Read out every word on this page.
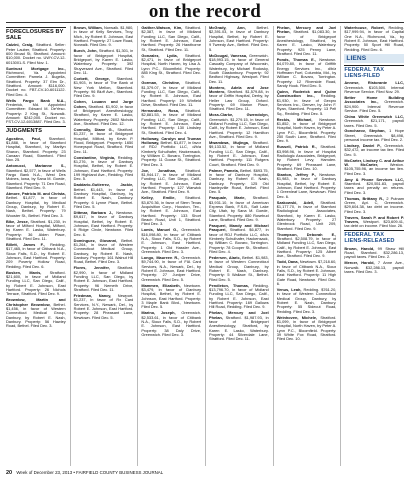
on the record
FORECLOSURES BY SALE
Calzini, Craig, Stratford. Seller: Peter Lauber, Stratford. Property: 600 Broad St, Stratford. Amount: $10,000. Docket no. UWY-CV-12-6013001-S. Filed Nov. 1.
Suntrust Mortgage Inc., Richmond, Va. Appointed Committee: Pamela J. Bugella, Stratford. Property: 37 Elm Dr., Stratford. Amount: $116,000. Docket no. FBT-CV-10-6011122. Filed Dec. 4.
Wells Fargo Bank N.A., Frederick, Md. Appointed Committee: Edward M. DeYeso. Property: 2 King St., Norwalk. Amount: $242,000. Docket no. FST-CV-12-6013887. Filed Dec. 3.
JUDGMENTS
Agostino, Paul, Stamford. $1,888, in favor of Stamford Hospital, Stamford, by Marilyn Sharon, Stamford. Property: 23 Canaan Road, Stamford. Filed Nov. 25.
Antonucci, Marianne S., Stamford. $2,577, in favor of Wells Fargo Bank N.A., West Des Moines, Iowa, by Sana M. Goede, Stamford. Property: 71 Den Road, Stamford. Filed Dec. 9.
Atmore, Patricia M. and Christa, Bethel. $1,877, in favor of Danbury Hospital, by Medical Group, Danbury, by Robert E. Nash, Bethel. Property: 79 Wooster St., Bethel. Filed Dec. 3.
Bike, Jesse, Stratford. $1,230, in favor of Milford Hospital, Milford, by Karen E. Lasko, Waterbury. Property: 36 Alden Place, Stratford. Filed Dec. 11.
Billett, James F., Redding. $17,465, in favor of Citibank N.A., Sioux Falls, S.D., by Robert E. Johnson, East Hartford. Property: 209 Poverty Hollow Road, Redding. Filed Dec. 6.
Bosken, Mavis, Stratford. $21,600, in favor of Midland Funding LLC, San Diego, Calif., by Robert E. Johnson, East Hartford. Property: 26 Nichols Terrace, Stratford. Filed Dec. 9.
Brownlow, Martin and Christopher Brownlow, Bethel. $1,456, in favor of Western Connecticut Medical Group, Danbury, by Robert E. Nash, Danbury. Property: 56 Hawley Road, Bethel. Filed Dec. 3.
Brown, William, Norwalk. $1,980, in favor of Kelly Services, Troy, Mich., by Robert E. Johnson, East Hartford. Property: 27 Lowe Road, Norwalk. Filed Dec. 9.
Burch, John, Stratford. $1,301, in favor of Bridgeport Hospital, Bridgeport, by Karen E. Lasko, Waterbury. Property: 392 Stuyvesant Ave., Stratford. Filed Dec. 11.
Corbett, George, Stamford. $1,903, in favor of The Bank of New York Mellon, Stamford. Property: 96 Bluff Ave., Stamford. Filed Dec. 9.
Cohen, Louann and Jorge Cohen, Stratford. $1,902, in favor of Bridgeport Anesthesiology, Stratford, by Karen E. Lasko, Waterbury. Property: 2602 Nichols Ave., Stratford. Filed Dec. 12.
Connolly, Diane G., Stratford. $1,237, in favor of Bridgeport Hospital, Milford, by Kevin P. Flood, Bridgeport. Property: 1650 Honeyspot Road, Stratford. Filed Dec. 11.
Constantine, Virginia, Redding. $1,276, in favor of Danbury Hospital, Bethel, by Robert E. Johnson, East Hartford. Property: 199 Highland Ave., Redding. Filed Dec. 5.
Daddario-Gutierrez, Jackie, Bethel. $1,443, in favor of Danbury Hospital, Danbury, by Robert E. Nash, Danbury. Property: 6 Lynne Place, Bethel. Filed Dec. 5.
Dittmar, Barbara J., Newtown. $9,617, in favor of Danbury Hospital, Bethel, by Robert E. Johnson, East Hartford. Property: 6 Ridge Circle, Newtown. Filed Dec. 6.
Dominguez, Giovanni, Bethel. $1,264, in favor of Western Connecticut Medical Group, Danbury, by Robert E. Nash, Danbury. Property: 161 Walnut Hill Road, Bethel. Filed Dec. 3.
Flores, Jennifer, Stratford. $2,990, in favor of Midland Funding LLC, San Diego, by Robert E. Johnson, East Hartford. Property: 96 Nemeth Drive, Stratford. Filed Dec. 11.
Friedman, Nancy, Newport. $1,237, in favor of Rx Card Services, N.Y., Newark, Del., by Robert E. Johnson, East Hartford. Property: 28 Pheasant Lane, Newtown. Filed Dec. 5.
Gaither-Watson, Kim, Stratford. $2,387, in favor of Midland Funding LLC, San Diego, Calif., by Robert E. Johnson, East Hartford. Property: 26 Hawthorne St., Stratford. Filed Dec. 11.
Gonzalez, Lydia, Stratford. $2,471, in favor of Bridgeport Hospital, North Haven, by Lisa A. Lynn P.C., Bloomfield. Property: 885 King St., Stratford. Filed Dec. 9.
Gorman, Christine, Stratford. $1,379.07, in favor of Midland Funding LLC, San Diego, Calif., by Robert E. Johnson, East Hartford. Property: 19 Winfield Drive, Stratford. Filed Dec. 11.
Hernandez, Rosa, Stratford. $2,881.53, in favor of Midland Funding LLC, San Diego, Calif., by Robert E. Johnson, East Hartford. Property: 130 Lindsley St., Stratford. Filed Dec. 4.
Holloway, Carolyn and Truman Holloway, Bethel. $1,877, in favor of RDJ Portfolio LLC, d/b/a Kimberly Schulhafer, Hackensack, by William C. Bovaro, Torrington. Property: 11 Goose St., Stratford. Filed Dec. 3.
Joe, Jonathan, Stratford. $1,944.17, in favor of Midland Funding LLC, San Diego, Calif., by Robert E. Johnson, East Hartford. Property: 127 Warwick Ave., Stratford. Filed Dec. 9.
Kelley, Emilie, Stratford. $3,870.36, in favor of Stern Texas Acquisition Corp., Houston, Tex., by Robert E. Johnson, East Hartford. Property: 133 Short Beach Road, Unit 1, Stratford. Filed Dec. 3.
Lomis, Manuel G., Greenwich. $16,098.80, in favor of Citibank N.A., Sioux Falls, S.D., by Robert E. Johnson, East Hartford. Property: 1 Old Hassler Ave., Greenwich. Filed Dec. 3.
Longo, Maureen R., Greenwich. $9,744.90, in favor of FIA Card Services, N.A., Newark, Del., by Robert E. Johnson, East Hartford. Property: 27 Juniper Drive, Greenwich. Filed Dec. 5.
Mammen, Elizabeth, Newtown. $3,479, in favor of Danbury Hospital, Bethel, by Robert E. Johnson, East Hartford. Property: 3 Maple Bank Blvd., Newtown. Filed Dec. 5.
Marino, Joseph, Greenwich. $2,533.61, in favor of Citibank N.A., Sioux Falls, S.D., by Robert E. Johnson, East Hartford. Property: 38 Daly Drive, Greenwich. Filed Dec. 3.
McGrady, Ann,	Bethel. $2,391.03, in favor of Danbury Hospital, Bethel, by Robert E. Johnson, East Hartford. Property: 9 Tweedy Ave., Bethel. Filed Dec. 5.
McDougal, Vanessa, Greenwich. $18,993.15, in favor of General Casualty Company of Wisconsin, Waterbury, by Michael Rodosky, South Glastonbury. Property: 92 Bedford Highway, Westport. Filed Dec. 11.
Montero, Adela and Jose Montero, Stratford. $1,579.88, in favor of Griffin Hospital, Derby, by Heller Law Group, Oxford. Property: 69 Marion Place, Stratford. Filed Dec. 11.
Moss-Clarke, Gwendolyn, Greenwich. $1,279.15, in favor of Midland Funding LLC, San Diego, Calif., by Robert E. Johnson, East Hartford. Property: 12 Hamilton Ave., Stratford. Filed Dec. 9.
Mwambwa, Mujinga, Stratford. $9,133.52, in favor of Midland Funding LLC, San Diego, Calif., by Robert E. Johnson, East Hartford. Property: 111 Rutgers Court, Stratford. Filed Dec. 9.
Palmer, Pamela, Bethel. $693.75, in favor of Danbury Hospital, Danbury, by Robert E. Nash, Danbury. Property: 125 Old Hawleyville Road, Bethel. Filed Dec. 5.
Pasquale, Marie, Stratford. $3,931.10, in favor of American Express Bank, F.S.B., Salt Lake City, Utah, by Sana M. Goede, Stamford. Property: 880 Rosebud Lane, Stratford. Filed Dec. 9.
Pasqueri, Mandy and Michael Pasqueri, Stratford. $6,877, in favor of RDJ Portfolio LLC, d/b/a Kimberly Schulhafer, Hackensack, by William C. Bovaro, Torrington. Property: 78 Cooper St., Stratford. Filed Dec. 4.
Pedersen, Alaric, Bethel. $1,983, in favor of Western Connecticut Medical Group, Danbury, by Robert E. Nash, Danbury. Property: 5 Wallace St., Bethel. Filed Dec. 5.
Pendleton, Thomas, Redding. $13,796.70, in favor of Midland Funding LLC, San Diego, Calif., by Robert E. Johnson, East Hartford. Property: 169 Gallows Hill Road, Redding. Filed Dec. 9.
Phelan, Mercury and Joel Phelan, Stratford. $1,987.93, in favor of Bridgeport Anesthesiology, Stratford, by Karen E. Lasko, Waterbury. Property: 44 Silverdale Lane, Stratford. Filed Dec. 11.
Phelan, Mercury and Joel Phelan, Stratford. $1,083.30, in favor of Bridgeport Anesthesiology, Stratford, by Karen E. Lasko, Waterbury. Property: 925 Penny Lane, Stratford. Filed Dec. 11.
Ponds, Thomas E., Newtown. $4,079.80, in favor of Griffith Energy Services Inc., d/b/a Hoffmann Fuel, Columbia, Md., by William C. Bovaro, Torrington. Property: 12 Riverside Road, Sandy Hook. Filed Dec. 5.
Quinn, Roderick and Quinn Construction Inc., Redding. $1,930, in favor of Gexpro Services Inc., Denver, by John F. Ryan, Stamford. Property: 13 Pelt Sq., Redding. Filed Dec. 5.
Reckis, Michael, Newtown. $1,852, in favor of Bridgeport Hospital, North Haven, by Peter A. Lynn P.C., Bloomfield. Property: 250 South Lane, Stratford. Filed Dec. 9.
Russell, Patrick R., Stratford. $3,998.96, in favor of Hospital Radiologic Associates, Bridgeport, by Robert Levy, Hamden. Property: 69 Pheasant Lane, Stratford. Filed Dec. 10.
Stanton, Jeffrey P., Newtown. $1,983, in favor of Danbury Hospital, Bethel, by Robert E. Johnson, East Hartford. Property: 1 Greenleaf Lane, Newtown. Filed Dec. 6.
Szakowski, Adell, Stratford. $1,177.70, in favor of Stamford Radiological Associates, Stamford, by Karen E. Lasko, Waterbury. Property: 27 Glenbrook Road, Unit 209, Stamford. Filed Dec. 9.
Thompson, Deborah E., Stratford. $2,508.79, in favor of Midland Funding LLC, San Diego, Calif., by Robert E. Johnson, East Hartford. Property: 125 Albert Ave., Stratford. Filed Dec. 9.
Todd, Dana, Newtown. $7,218.60, in favor of Citibank N.A., Sioux Falls, S.D., by Robert E. Johnson, East Hartford. Property: 11 High Gate Road, Newtown. Filed Dec. 6.
Venus, Leah, Redding. $761.20, in favor of Western Connecticut Medical Group, Danbury, by Robert E. Nash, Danbury. Property: 55 Sidecut Road, Redding. Filed Dec. 3.
Weinhoven, Michele, Stratford. $1,099, in favor of Bridgeport Hospital, North Haven, by Peter A. Lynn P.C., Bloomfield. Property: 39 White Fox Road, Stratford. Filed Dec. 10.
Waterhouse, Robert, Redding. $17,999.94, in favor of Capital One N.A., Richmond, Va., by Robert E. Johnson, East Hartford. Property: 50 Sport Hill Road, Redding. Filed Dec. 6.
LIENS
FEDERAL TAX LIENS-FILED
Annese, Ristorante LLC, Greenwich. $103,500. Internal Revenue Service. Filed Nov. 29.
Better Home Building Associates Inc., Greenwich. $24,900. Internal Revenue Service. Filed Dec. 5.
China White Greenwich LLC, Greenwich. $21,171, payroll taxes. Filed Dec. 5.
Goncharov, Stephan, 1 Hope Street, Greenwich. $8,498, personal income tax. Filed Dec. 2.
Lindsey, Daniel P., Greenwich. $32,472, an income tax lien. Filed Dec. 5.
McCarter, Lindsey C. and Arthur W. McCarter,	Weston. $105,755.96, an income tax lien. Filed Dec. 3.
Amy & Phone Services LLC, Stamford. $20,551.83, payroll taxes and penalty on returns. Filed Dec. 3.
Thomas, Brittany R., 2 Putnam Green, Apt. C, Greenwich. $29,604.38, tax debt on income. Filed Dec. 3.
Travers, Sarah P. and Robert P. Travers, Westport. $23,609.41, tax debt on income. Filed Nov. 26.
FEDERAL TAX LIENS-RELEASED
Brown, Harold, 99 Straw Hill Road, Stamford. $32,286.13, payroll taxes. Filed Dec. 2.
Mercer, Harold, 7 Anne Ave., Norwalk. $32,286.13, payroll taxes. Filed Dec. 3.
20 Week of December 23, 2013 • FAIRFIELD COUNTY BUSINESS JOURNAL
